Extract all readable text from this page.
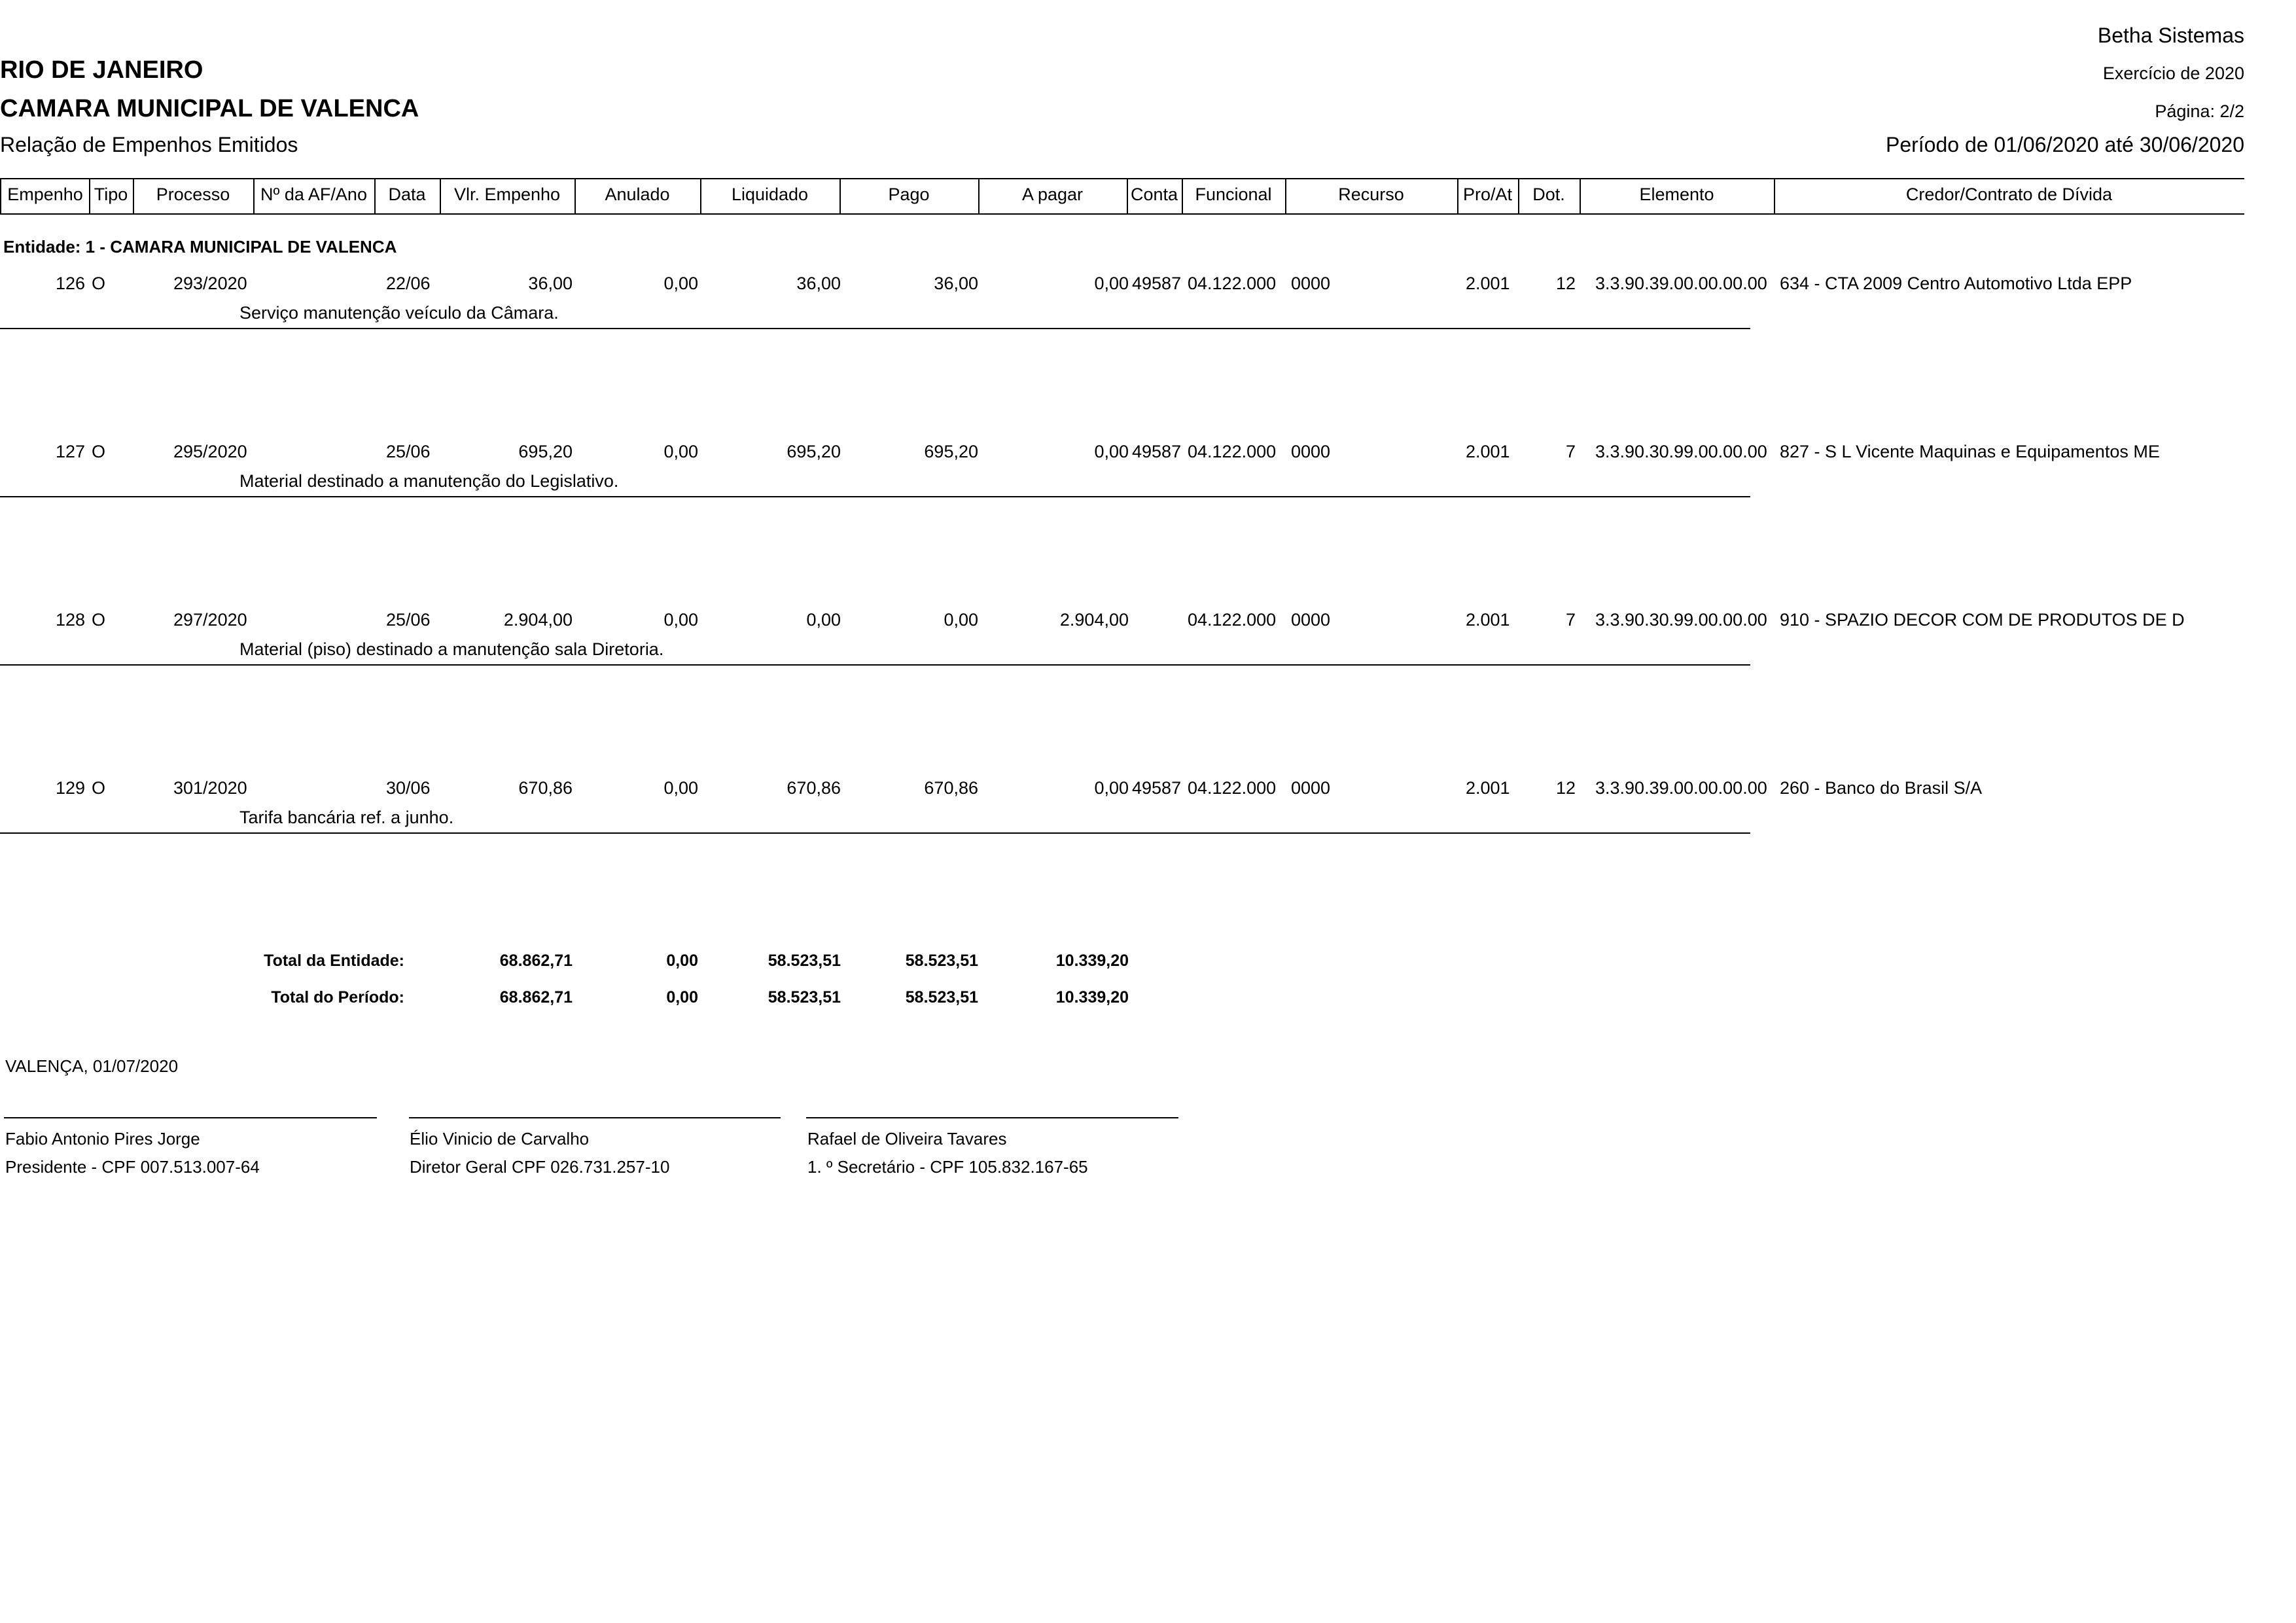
Betha Sistemas
RIO DE JANEIRO	Exercício de 2020
CAMARA MUNICIPAL DE VALENCA	Página: 2/2
Relação de Empenhos Emitidos	Período de 01/06/2020 até 30/06/2020
Empenho Tipo	Processo	Nº da AF/Ano	Data	Vlr. Empenho	Anulado	Liquidado	Pago	A pagar	Conta Funcional	Recurso	Pro/At	Dot.	Elemento	Credor/Contrato de Dívida
Entidade: 1 - CAMARA MUNICIPAL DE VALENCA
126 O	293/2020	22/06	36,00	0,00	36,00	36,00	0,00 49587 04.122.000 0000	2.001	12 3.3.90.39.00.00.00.00 634 - CTA 2009 Centro Automotivo Ltda EPP
Serviço manutenção veículo da Câmara.
127 O	295/2020	25/06	695,20	0,00	695,20	695,20	0,00 49587 04.122.000 0000	2.001	7 3.3.90.30.99.00.00.00 827 - S L Vicente Maquinas e Equipamentos ME
Material destinado a manutenção do Legislativo.
128 O	297/2020	25/06	2.904,00	0,00	0,00	0,00	2.904,00	04.122.000 0000	2.001	7 3.3.90.30.99.00.00.00 910 - SPAZIO DECOR COM DE PRODUTOS DE D
Material (piso) destinado a manutenção sala Diretoria.
129 O	301/2020	30/06	670,86	0,00	670,86	670,86	0,00 49587 04.122.000 0000	2.001	12 3.3.90.39.00.00.00.00 260 - Banco do Brasil S/A
Tarifa bancária ref. a junho.
Total da Entidade:	68.862,71	0,00	58.523,51	58.523,51	10.339,20
Total do Período:	68.862,71	0,00	58.523,51	58.523,51	10.339,20
VALENÇA, 01/07/2020
Fabio Antonio Pires Jorge
Presidente - CPF 007.513.007-64
Élio Vinicio de Carvalho
Diretor Geral CPF 026.731.257-10
Rafael de Oliveira Tavares
1. º Secretário - CPF 105.832.167-65
